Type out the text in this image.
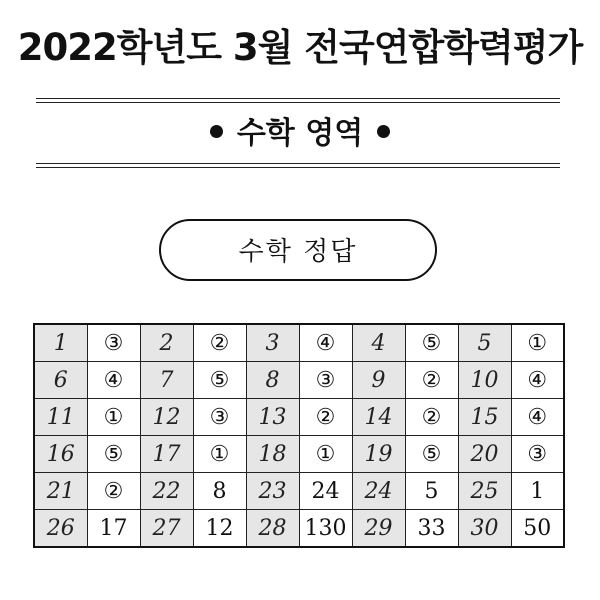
2022학년도 3월 전국연합학력평가
수학 영역
수학 정답
1	③	2	②	3	④	4	⑤	5	①
6	④	7	⑤	8	③	9	②	10	④
11	①	12	③	13	②	14	②	15	④
16	⑤	17	①	18	①	19	⑤	20	③
21	②	22	8	23	24	24	5	25	1
26	17	27	12	28	130	29	33	30	50
